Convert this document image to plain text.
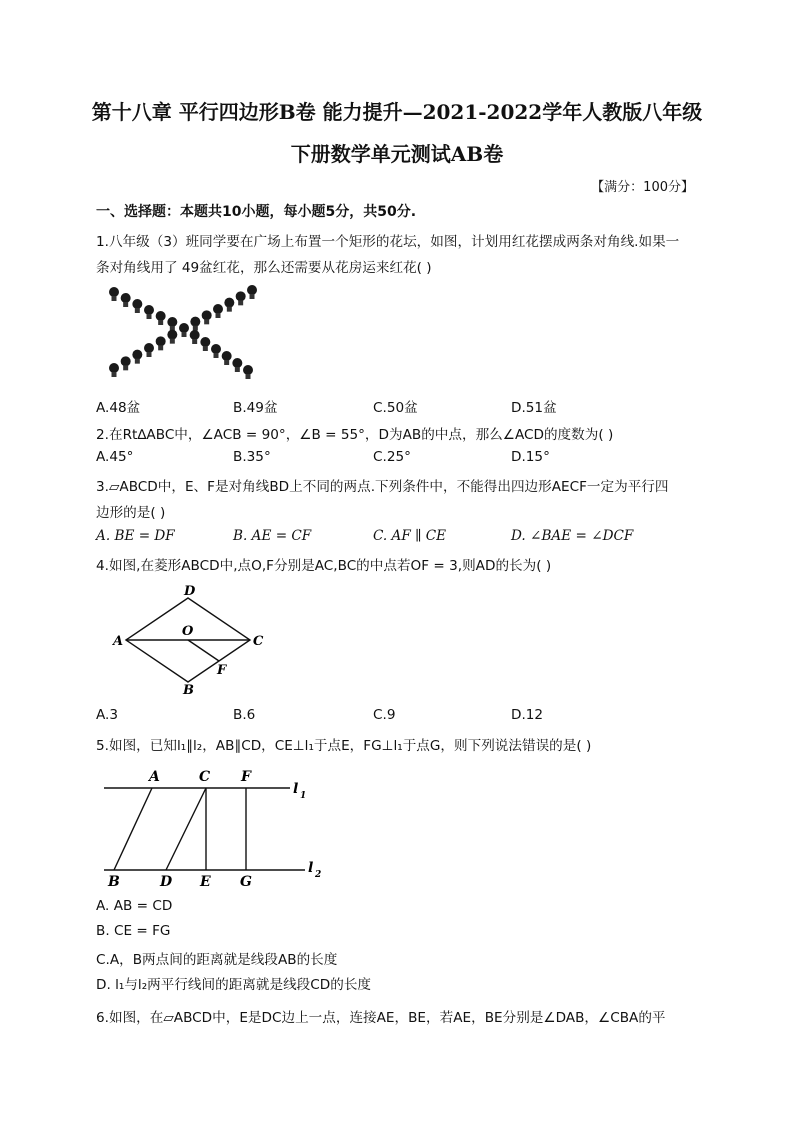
第十八章 平行四边形B卷 能力提升—2021-2022学年人教版八年级
下册数学单元测试AB卷
【满分：100分】
一、选择题：本题共10小题，每小题5分，共50分.
1.八年级（3）班同学要在广场上布置一个矩形的花坛，如图，计划用红花摆成两条对角线.如果一
条对角线用了 49盆红花，那么还需要从花房运来红花( )
A.48盆	B.49盆	C.50盆	D.51盆
2.在Rt∆ABC中，∠ACB = 90°，∠B = 55°，D为AB的中点，那么∠ACD的度数为( )
A.45°	B.35°	C.25°	D.15°
3.▱ABCD中，E、F是对角线BD上不同的两点.下列条件中，不能得出四边形AECF一定为平行四
边形的是( )
A. BE = DF	B. AE = CF	C. AF ∥ CE	D. ∠BAE = ∠DCF
4.如图,在菱形ABCD中,点O,F分别是AC,BC的中点若OF = 3,则AD的长为( )
A
D
C
B
O
F
A.3	B.6	C.9	D.12
5.如图，已知l₁∥l₂，AB∥CD，CE⊥l₁于点E，FG⊥l₁于点G，则下列说法错误的是( )
A	C F
l 1
B	D E G
l 2
A. AB = CD
B. CE = FG
C.A，B两点间的距离就是线段AB的长度
D. l₁与l₂两平行线间的距离就是线段CD的长度
6.如图，在▱ABCD中，E是DC边上一点，连接AE，BE，若AE，BE分别是∠DAB，∠CBA的平
